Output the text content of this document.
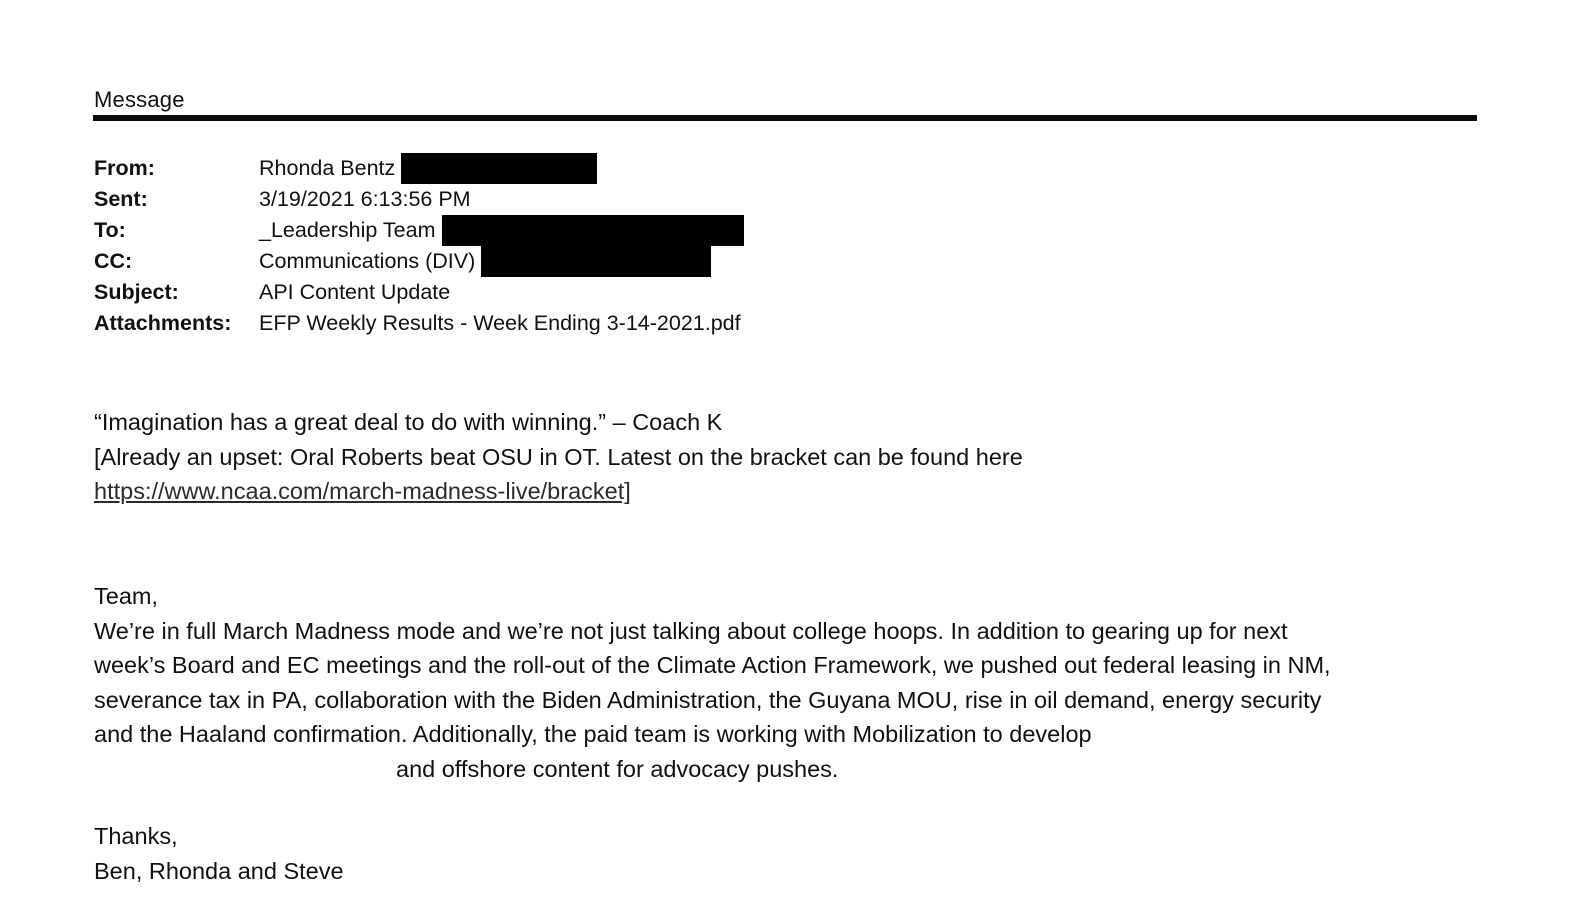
Message
From:	Rhonda Bentz
Sent:	3/19/2021 6:13:56 PM
To:	_Leadership Team
CC:	Communications (DIV)
Subject:	API Content Update
Attachments: EFP Weekly Results - Week Ending 3-14-2021.pdf
“Imagination has a great deal to do with winning.” – Coach K
[Already an upset: Oral Roberts beat OSU in OT. Latest on the bracket can be found here
https://www.ncaa.com/march-madness-live/bracket]
Team,
We’re in full March Madness mode and we’re not just talking about college hoops. In addition to gearing up for next
week’s Board and EC meetings and the roll-out of the Climate Action Framework, we pushed out federal leasing in NM,
severance tax in PA, collaboration with the Biden Administration, the Guyana MOU, rise in oil demand, energy security
and the Haaland confirmation. Additionally, the paid team is working with Mobilization to develop
and offshore content for advocacy pushes.
Thanks,
Ben, Rhonda and Steve
